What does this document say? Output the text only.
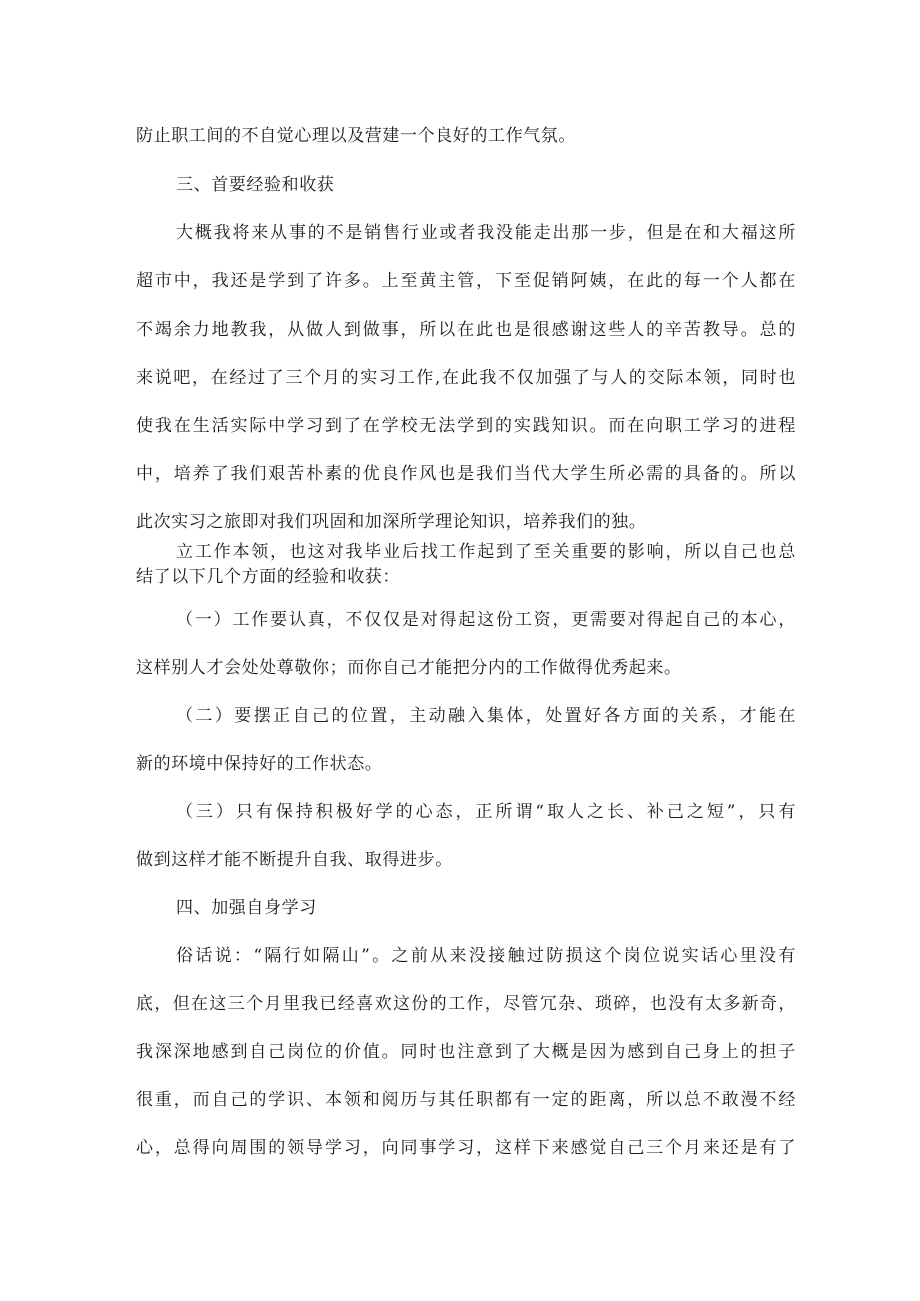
防止职工间的不自觉心理以及营建一个良好的工作气氛。
三、首要经验和收获
大概我将来从事的不是销售行业或者我没能走出那一步，但是在和大福这所
超市中，我还是学到了许多。上至黄主管，下至促销阿姨，在此的每一个人都在
不竭余力地教我，从做人到做事，所以在此也是很感谢这些人的辛苦教导。总的
来说吧，在经过了三个月的实习工作,在此我不仅加强了与人的交际本领，同时也
使我在生活实际中学习到了在学校无法学到的实践知识。而在向职工学习的进程
中，培养了我们艰苦朴素的优良作风也是我们当代大学生所必需的具备的。所以
此次实习之旅即对我们巩固和加深所学理论知识，培养我们的独。
立工作本领，也这对我毕业后找工作起到了至关重要的影响，所以自己也总
结了以下几个方面的经验和收获：
（一）工作要认真，不仅仅是对得起这份工资，更需要对得起自己的本心，
这样别人才会处处尊敬你；而你自己才能把分内的工作做得优秀起来。
（二）要摆正自己的位置，主动融入集体，处置好各方面的关系，才能在
新的环境中保持好的工作状态。
（三）只有保持积极好学的心态，正所谓“取人之长、补己之短”，只有
做到这样才能不断提升自我、取得进步。
四、加强自身学习
俗话说：“隔行如隔山”。之前从来没接触过防损这个岗位说实话心里没有
底，但在这三个月里我已经喜欢这份的工作，尽管冗杂、琐碎，也没有太多新奇，
我深深地感到自己岗位的价值。同时也注意到了大概是因为感到自己身上的担子
很重，而自己的学识、本领和阅历与其任职都有一定的距离，所以总不敢漫不经
心，总得向周围的领导学习，向同事学习，这样下来感觉自己三个月来还是有了
